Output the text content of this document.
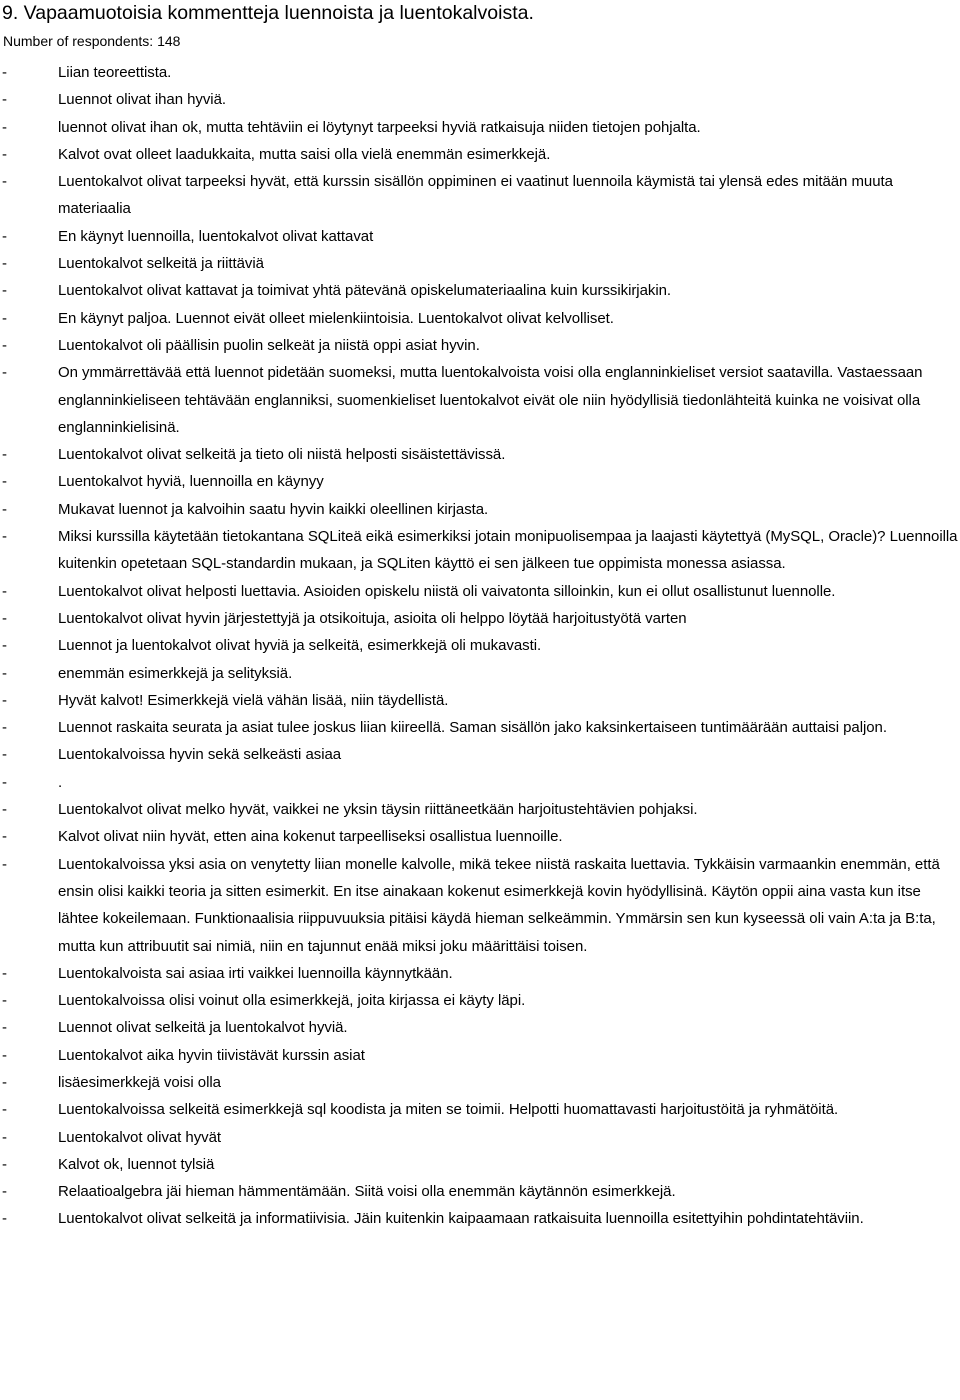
9. Vapaamuotoisia kommentteja luennoista ja luentokalvoista.
Number of respondents: 148
-	Liian teoreettista.
-	Luennot olivat ihan hyviä.
-	luennot olivat ihan ok, mutta tehtäviin ei löytynyt tarpeeksi hyviä ratkaisuja niiden tietojen pohjalta.
-	Kalvot ovat olleet laadukkaita, mutta saisi olla vielä enemmän esimerkkejä.
-	Luentokalvot olivat tarpeeksi hyvät, että kurssin sisällön oppiminen ei vaatinut luennoila käymistä tai ylensä edes mitään muuta materiaalia
-	En käynyt luennoilla, luentokalvot olivat kattavat
-	Luentokalvot selkeitä ja riittäviä
-	Luentokalvot olivat kattavat ja toimivat yhtä pätevänä opiskelumateriaalina kuin kurssikirjakin.
-	En käynyt paljoa. Luennot eivät olleet mielenkiintoisia. Luentokalvot olivat kelvolliset.
-	Luentokalvot oli päällisin puolin selkeät ja niistä oppi asiat hyvin.
-	On ymmärrettävää että luennot pidetään suomeksi, mutta luentokalvoista voisi olla englanninkieliset versiot saatavilla. Vastaessaan englanninkieliseen tehtävään englanniksi, suomenkieliset luentokalvot eivät ole niin hyödyllisiä tiedonlähteitä kuinka ne voisivat olla englanninkielisinä.
-	Luentokalvot olivat selkeitä ja tieto oli niistä helposti sisäistettävissä.
-	Luentokalvot hyviä, luennoilla en käynyy
-	Mukavat luennot ja kalvoihin saatu hyvin kaikki oleellinen kirjasta.
-	Miksi kurssilla käytetään tietokantana SQLiteä eikä esimerkiksi jotain monipuolisempaa ja laajasti käytettyä (MySQL, Oracle)? Luennoilla kuitenkin opetetaan SQL-standardin mukaan, ja SQLiten käyttö ei sen jälkeen tue oppimista monessa asiassa.
-	Luentokalvot olivat helposti luettavia. Asioiden opiskelu niistä oli vaivatonta silloinkin, kun ei ollut osallistunut luennolle.
-	Luentokalvot olivat hyvin järjestettyjä ja otsikoituja, asioita oli helppo löytää harjoitustyötä varten
-	Luennot ja luentokalvot olivat hyviä ja selkeitä, esimerkkejä oli mukavasti.
-	enemmän esimerkkejä ja selityksiä.
-	Hyvät kalvot! Esimerkkejä vielä vähän lisää, niin täydellistä.
-	Luennot raskaita seurata ja asiat tulee joskus liian kiireellä. Saman sisällön jako kaksinkertaiseen tuntimäärään auttaisi paljon.
-	Luentokalvoissa hyvin sekä selkeästi asiaa
-	.
-	Luentokalvot olivat melko hyvät, vaikkei ne yksin täysin riittäneetkään harjoitustehtävien pohjaksi.
-	Kalvot olivat niin hyvät, etten aina kokenut tarpeelliseksi osallistua luennoille.
-	Luentokalvoissa yksi asia on venytetty liian monelle kalvolle, mikä tekee niistä raskaita luettavia. Tykkäisin varmaankin enemmän, että ensin olisi kaikki teoria ja sitten esimerkit. En itse ainakaan kokenut esimerkkejä kovin hyödyllisinä. Käytön oppii aina vasta kun itse lähtee kokeilemaan. Funktionaalisia riippuvuuksia pitäisi käydä hieman selkeämmin. Ymmärsin sen kun kyseessä oli vain A:ta ja B:ta, mutta kun attribuutit sai nimiä, niin en tajunnut enää miksi joku määrittäisi toisen.
-	Luentokalvoista sai asiaa irti vaikkei luennoilla käynnytkään.
-	Luentokalvoissa olisi voinut olla esimerkkejä, joita kirjassa ei käyty läpi.
-	Luennot olivat selkeitä ja luentokalvot hyviä.
-	Luentokalvot aika hyvin tiivistävät kurssin asiat
-	lisäesimerkkejä voisi olla
-	Luentokalvoissa selkeitä esimerkkejä sql koodista ja miten se toimii. Helpotti huomattavasti harjoitustöitä ja ryhmätöitä.
-	Luentokalvot olivat hyvät
-	Kalvot ok, luennot tylsiä
-	Relaatioalgebra jäi hieman hämmentämään. Siitä voisi olla enemmän käytännön esimerkkejä.
-	Luentokalvot olivat selkeitä ja informatiivisia. Jäin kuitenkin kaipaamaan ratkaisuita luennoilla esitettyihin pohdintatehtäviin.
